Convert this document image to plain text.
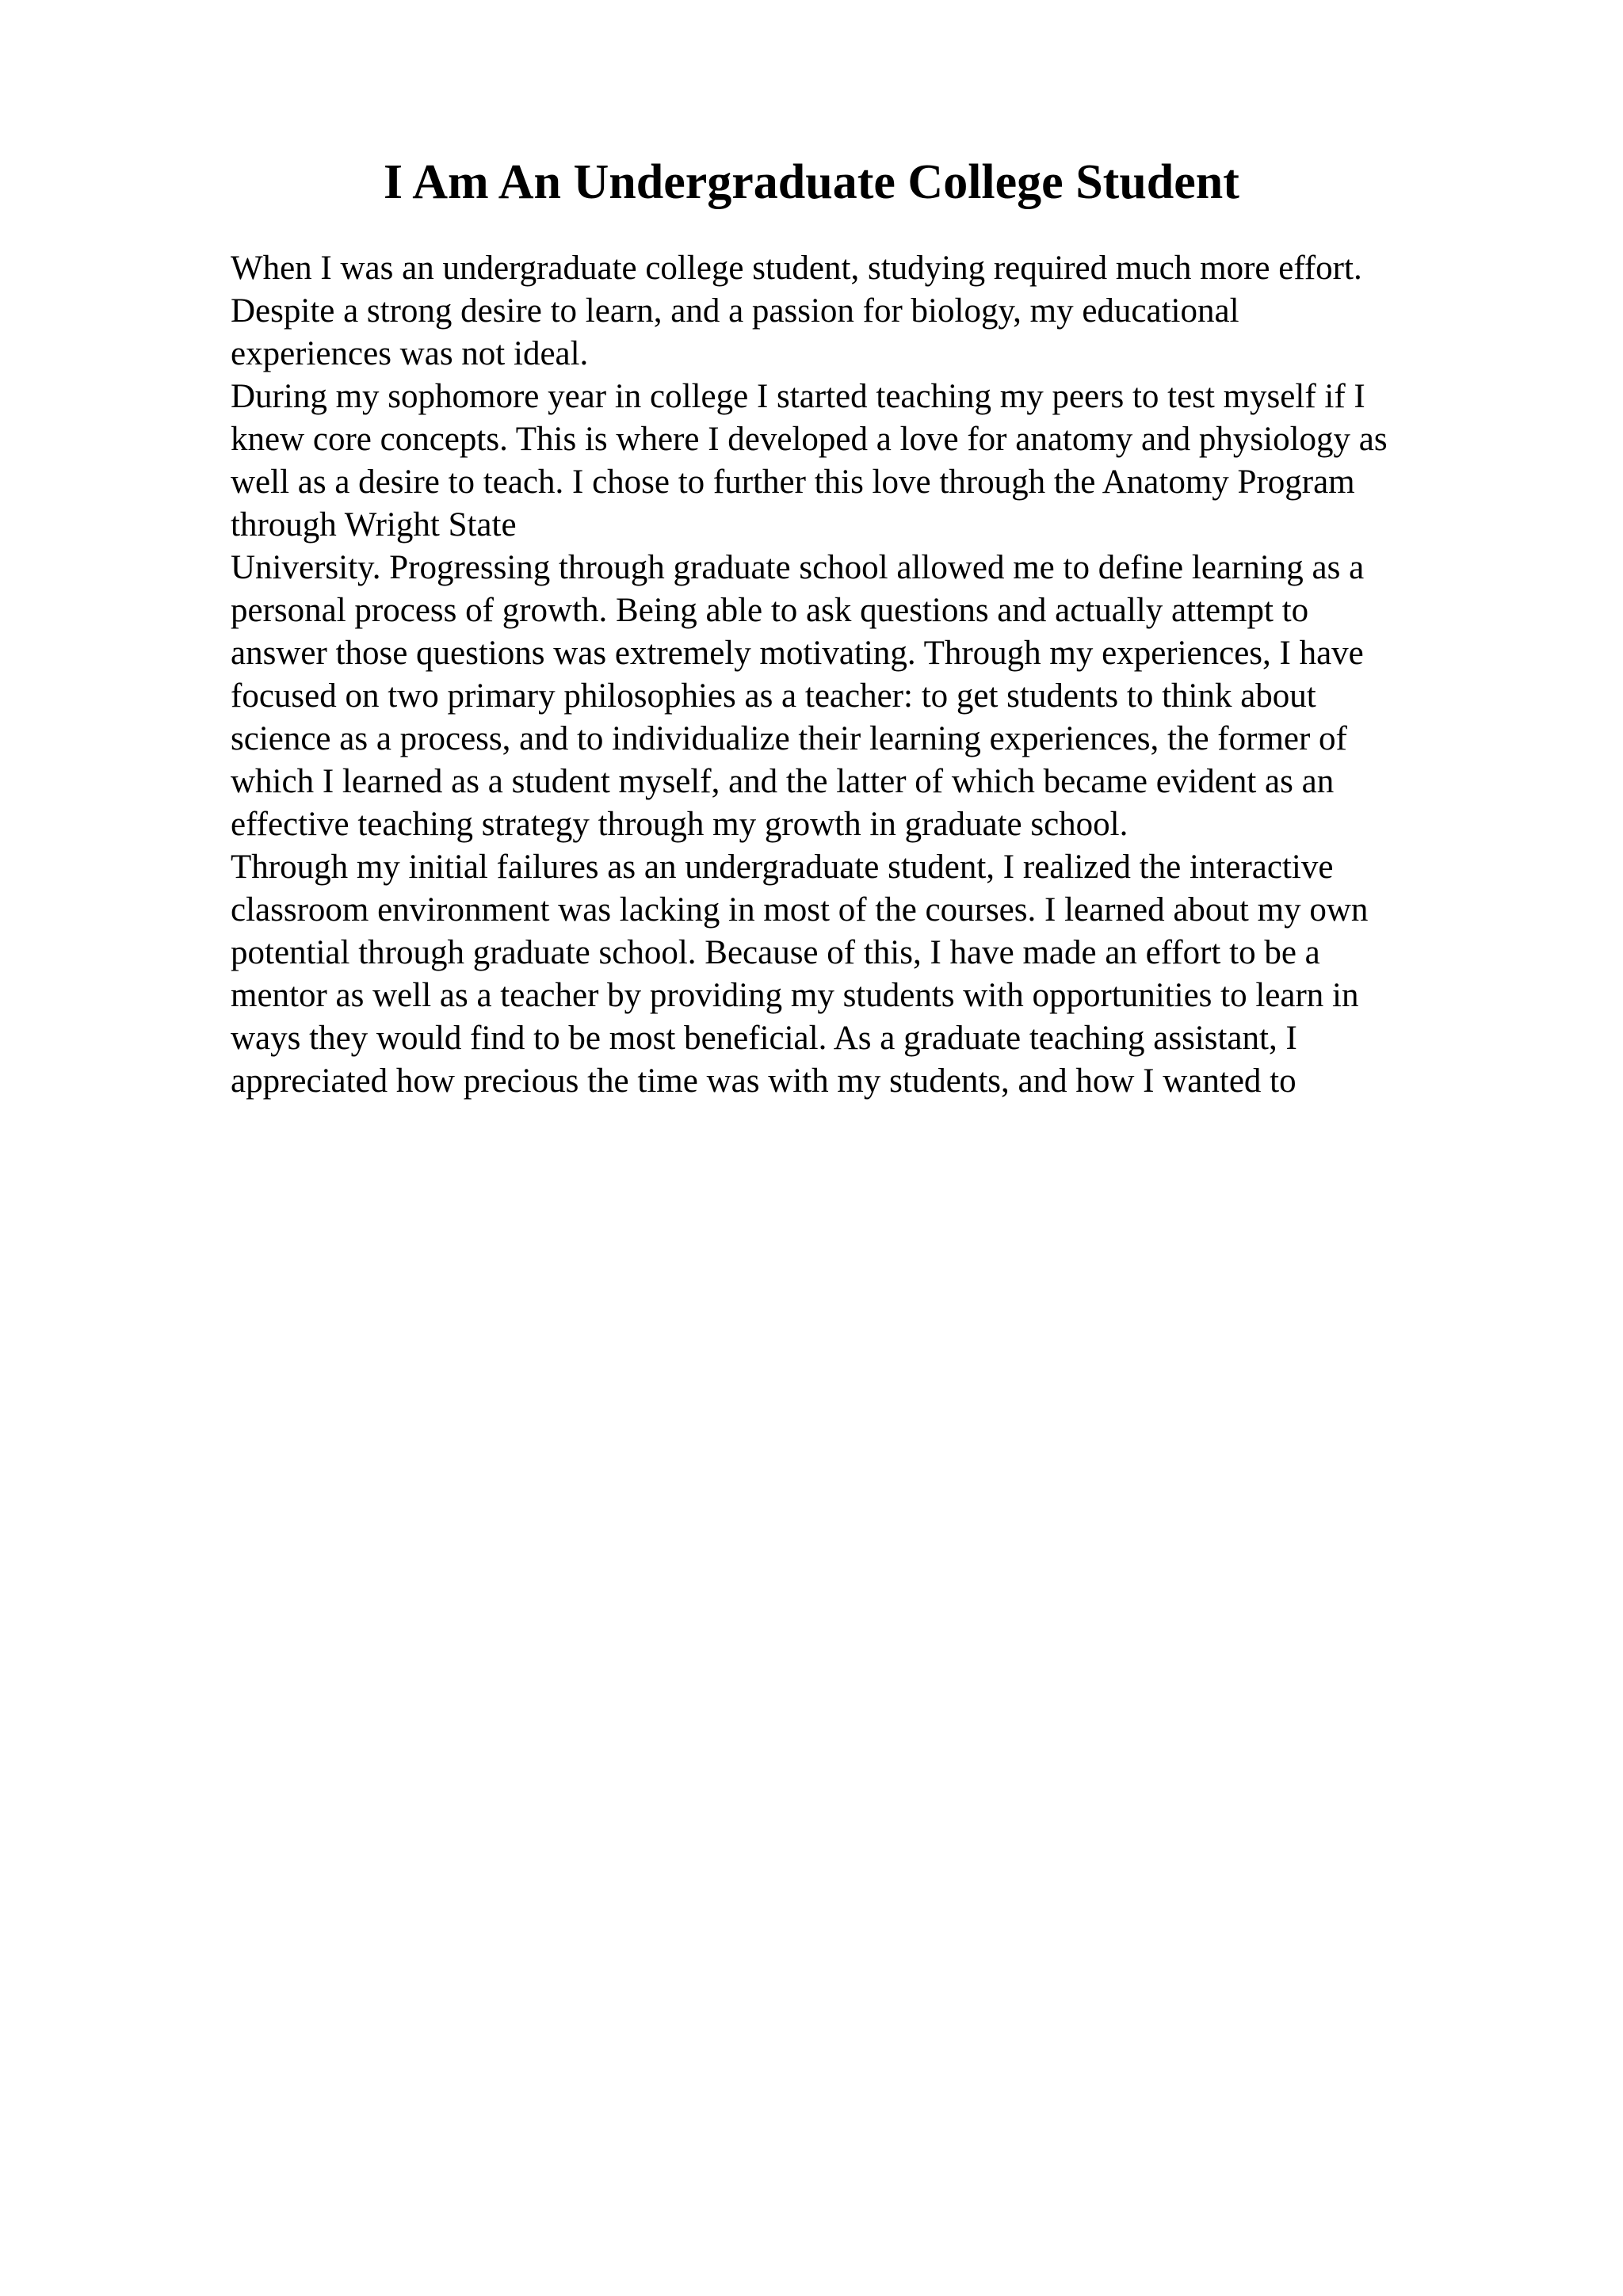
I Am An Undergraduate College Student
When I was an undergraduate college student, studying required much more effort.
Despite a strong desire to learn, and a passion for biology, my educational
experiences was not ideal.
During my sophomore year in college I started teaching my peers to test myself if I
knew core concepts. This is where I developed a love for anatomy and physiology as
well as a desire to teach. I chose to further this love through the Anatomy Program
through Wright State
University. Progressing through graduate school allowed me to define learning as a
personal process of growth. Being able to ask questions and actually attempt to
answer those questions was extremely motivating. Through my experiences, I have
focused on two primary philosophies as a teacher: to get students to think about
science as a process, and to individualize their learning experiences, the former of
which I learned as a student myself, and the latter of which became evident as an
effective teaching strategy through my growth in graduate school.
Through my initial failures as an undergraduate student, I realized the interactive
classroom environment was lacking in most of the courses. I learned about my own
potential through graduate school. Because of this, I have made an effort to be a
mentor as well as a teacher by providing my students with opportunities to learn in
ways they would find to be most beneficial. As a graduate teaching assistant, I
appreciated how precious the time was with my students, and how I wanted to
